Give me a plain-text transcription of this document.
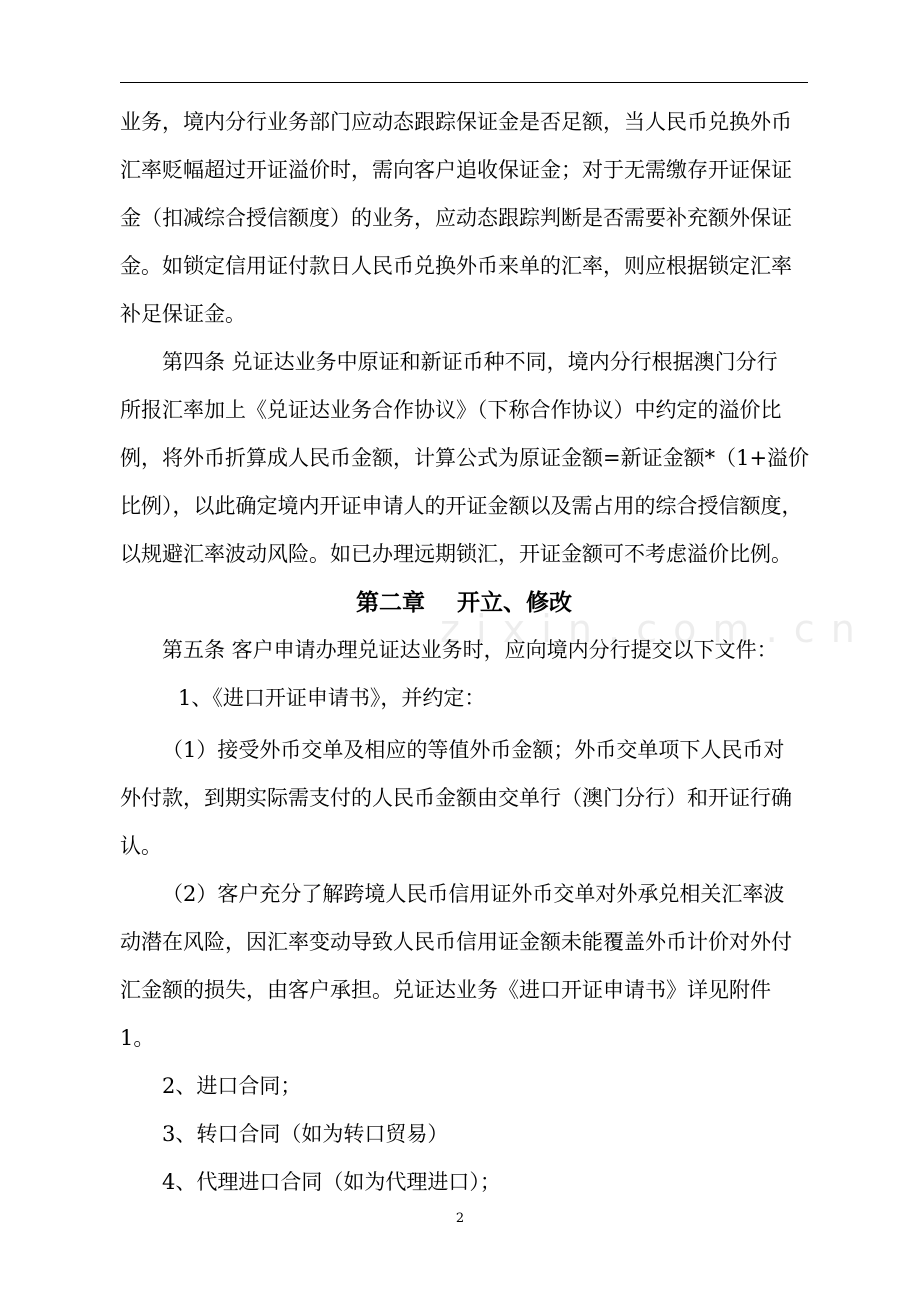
业务，境内分行业务部门应动态跟踪保证金是否足额，当人民币兑换外币
汇率贬幅超过开证溢价时，需向客户追收保证金；对于无需缴存开证保证
金（扣减综合授信额度）的业务，应动态跟踪判断是否需要补充额外保证
金。如锁定信用证付款日人民币兑换外币来单的汇率，则应根据锁定汇率
补足保证金。
第四条 兑证达业务中原证和新证币种不同，境内分行根据澳门分行
所报汇率加上《兑证达业务合作协议》（下称合作协议）中约定的溢价比
例，将外币折算成人民币金额，计算公式为原证金额=新证金额*（1+溢价
比例），以此确定境内开证申请人的开证金额以及需占用的综合授信额度，
以规避汇率波动风险。如已办理远期锁汇，开证金额可不考虑溢价比例。
第二章    开立、修改
z i x i n . c o m . c n
第五条 客户申请办理兑证达业务时，应向境内分行提交以下文件：
1、《进口开证申请书》，并约定：
（1）接受外币交单及相应的等值外币金额；外币交单项下人民币对
外付款，到期实际需支付的人民币金额由交单行（澳门分行）和开证行确
认。
（2）客户充分了解跨境人民币信用证外币交单对外承兑相关汇率波
动潜在风险，因汇率变动导致人民币信用证金额未能覆盖外币计价对外付
汇金额的损失，由客户承担。兑证达业务《进口开证申请书》详见附件
1。
2、进口合同；
3、转口合同（如为转口贸易）
4、代理进口合同（如为代理进口）；
2
